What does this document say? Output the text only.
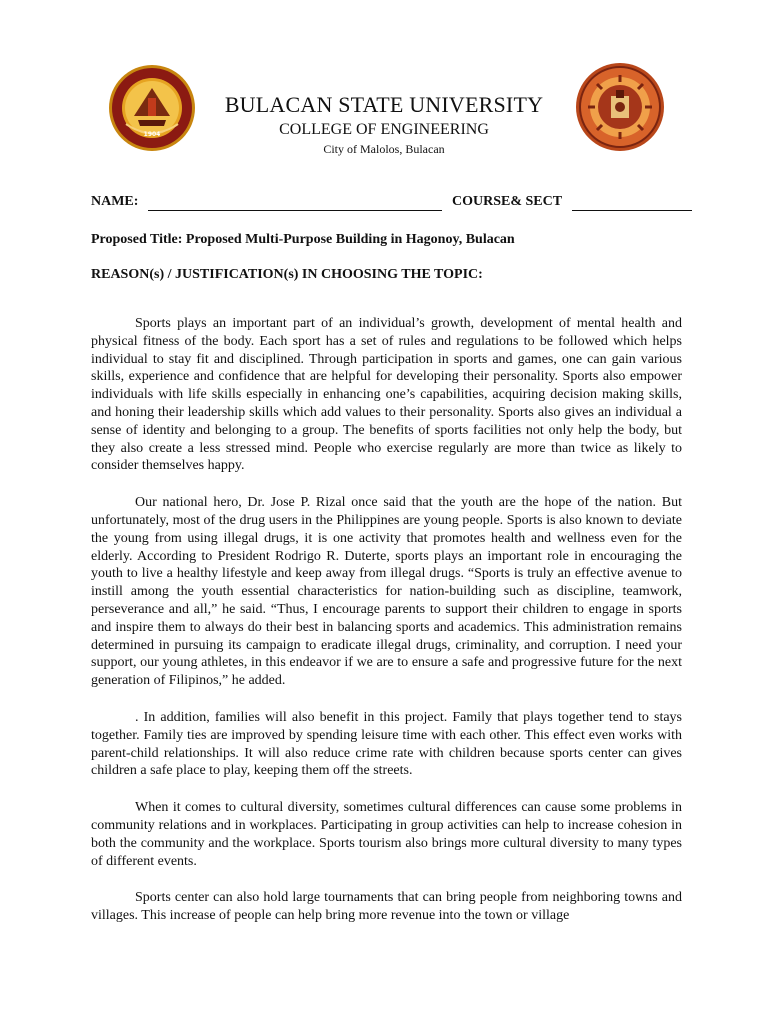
1904
BULACAN STATE UNIVERSITY
COLLEGE OF ENGINEERING
City of Malolos, Bulacan
NAME:	COURSE& SECT
Proposed Title: Proposed Multi-Purpose Building in Hagonoy, Bulacan
REASON(s) / JUSTIFICATION(s) IN CHOOSING THE TOPIC:

Sports plays an important part of an individual’s growth, development of mental health and physical fitness of the body. Each sport has a set of rules and regulations to be followed which helps individual to stay fit and disciplined. Through participation in sports and games, one can gain various skills, experience and confidence that are helpful for developing their personality. Sports also empower individuals with life skills especially in enhancing one’s capabilities, acquiring decision making skills, and honing their leadership skills which add values to their personality. Sports also gives an individual a sense of identity and belonging to a group. The benefits of sports facilities not only help the body, but they also create a less stressed mind. People who exercise regularly are more than twice as likely to consider themselves happy.

Our national hero, Dr. Jose P. Rizal once said that the youth are the hope of the nation. But unfortunately, most of the drug users in the Philippines are young people. Sports is also known to deviate the young from using illegal drugs, it is one activity that promotes health and wellness even for the elderly. According to President Rodrigo R. Duterte, sports plays an important role in encouraging the youth to live a healthy lifestyle and keep away from illegal drugs. “Sports is truly an effective avenue to instill among the youth essential characteristics for nation-building such as discipline, teamwork, perseverance and all,” he said. “Thus, I encourage parents to support their children to engage in sports and inspire them to always do their best in balancing sports and academics. This administration remains determined in pursuing its campaign to eradicate illegal drugs, criminality, and corruption. I need your support, our young athletes, in this endeavor if we are to ensure a safe and progressive future for the next generation of Filipinos,” he added.

. In addition, families will also benefit in this project. Family that plays together tend to stays together. Family ties are improved by spending leisure time with each other. This effect even works with parent-child relationships. It will also reduce crime rate with children because sports center can gives children a safe place to play, keeping them off the streets.

When it comes to cultural diversity, sometimes cultural differences can cause some problems in community relations and in workplaces. Participating in group activities can help to increase cohesion in both the community and the workplace. Sports tourism also brings more cultural diversity to many types of different events.

Sports center can also hold large tournaments that can bring people from neighboring towns and villages. This increase of people can help bring more revenue into the town or village
